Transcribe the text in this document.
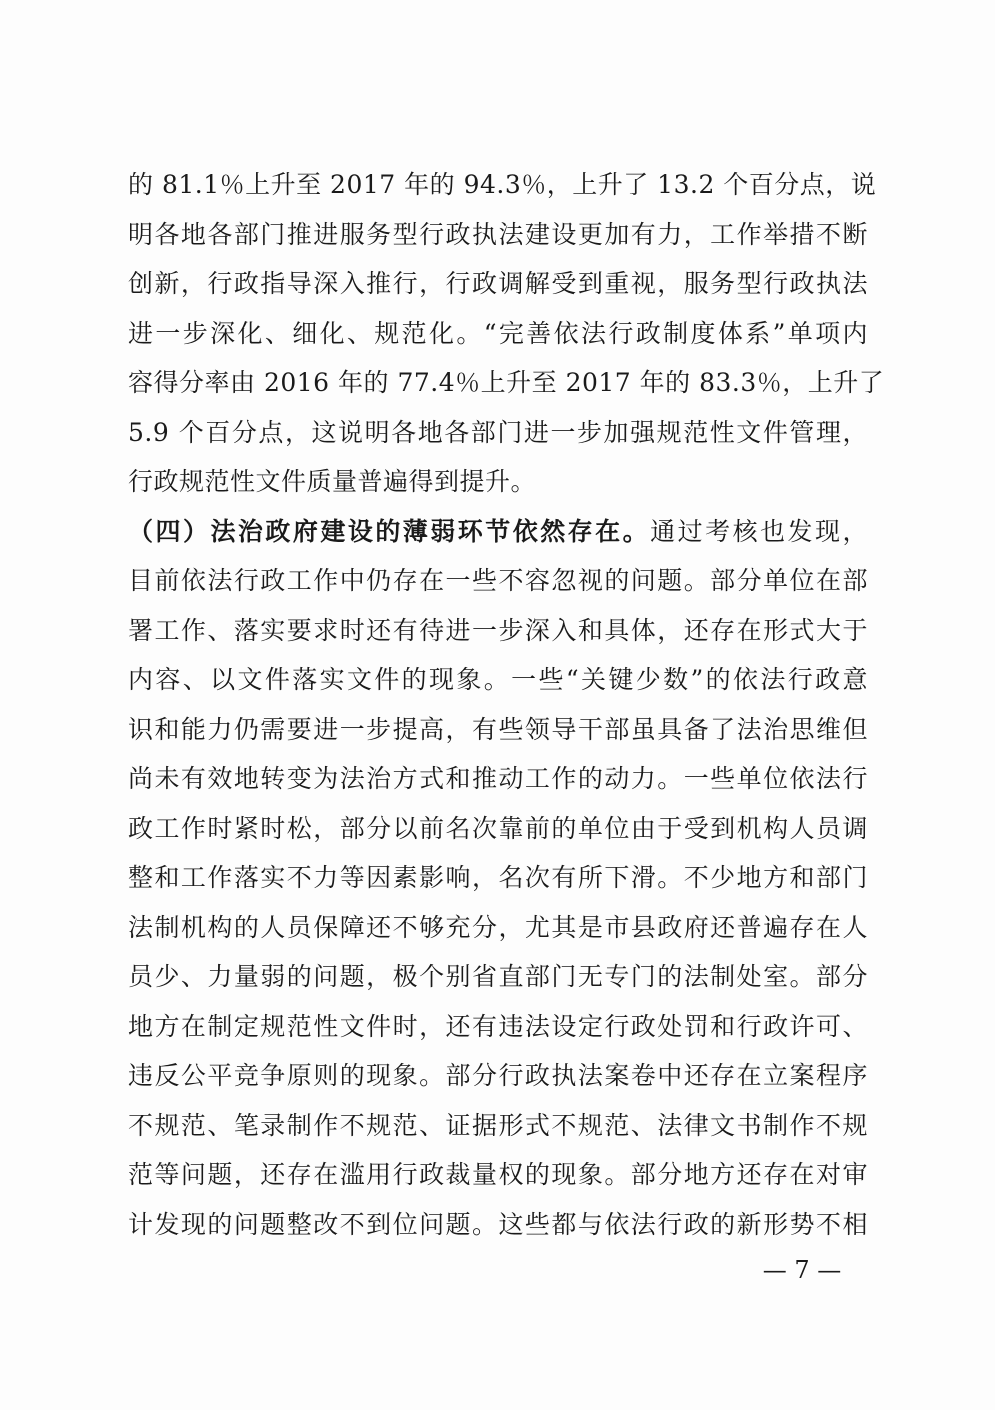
的 81.1％上升至 2017 年的 94.3％，上升了 13.2 个百分点，说
明各地各部门推进服务型行政执法建设更加有力，工作举措不断
创新，行政指导深入推行，行政调解受到重视，服务型行政执法
进一步深化、细化、规范化。“完善依法行政制度体系”单项内
容得分率由 2016 年的 77.4％上升至 2017 年的 83.3％，上升了
5.9 个百分点，这说明各地各部门进一步加强规范性文件管理，
行政规范性文件质量普遍得到提升。
（四）法治政府建设的薄弱环节依然存在。通过考核也发现，
目前依法行政工作中仍存在一些不容忽视的问题。部分单位在部
署工作、落实要求时还有待进一步深入和具体，还存在形式大于
内容、以文件落实文件的现象。一些“关键少数”的依法行政意
识和能力仍需要进一步提高，有些领导干部虽具备了法治思维但
尚未有效地转变为法治方式和推动工作的动力。一些单位依法行
政工作时紧时松，部分以前名次靠前的单位由于受到机构人员调
整和工作落实不力等因素影响，名次有所下滑。不少地方和部门
法制机构的人员保障还不够充分，尤其是市县政府还普遍存在人
员少、力量弱的问题，极个别省直部门无专门的法制处室。部分
地方在制定规范性文件时，还有违法设定行政处罚和行政许可、
违反公平竞争原则的现象。部分行政执法案卷中还存在立案程序
不规范、笔录制作不规范、证据形式不规范、法律文书制作不规
范等问题，还存在滥用行政裁量权的现象。部分地方还存在对审
计发现的问题整改不到位问题。这些都与依法行政的新形势不相
— 7 —
